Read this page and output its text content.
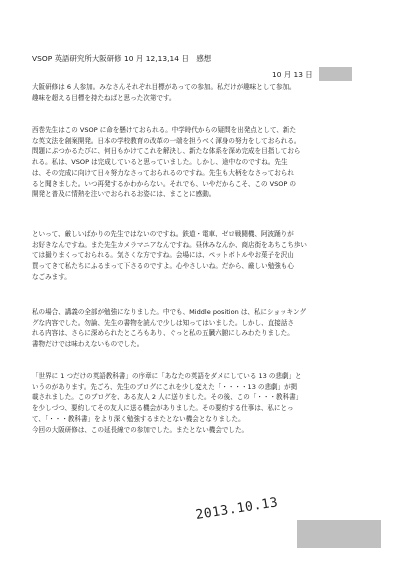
VSOP 英語研究所大阪研修 10 月 12,13,14 日　感想
10 月 13 日
大阪研修は 6 人参加。みなさんそれぞれ目標があっての参加。私だけが趣味として参加。
趣味を超える目標を持たねばと思った次第です。
西巻先生はこの VSOP に命を懸けておられる。中学時代からの疑問を出発点として、新た
な英文法を創案開発。日本の学校教育の改革の一端を担うべく渾身の努力をしておられる。
問題にぶつかるたびに、何日もかけてこれを解決し、新たな体系を深め完成を目指しておら
れる。私は、VSOP は完成していると思っていました。しかし、途中なのですね。先生
は、その完成に向けて日々努力なさっておられるのですね。先生も大柄をなさっておられ
ると聞きました。いつ再発するかわからない。それでも、いやだからこそ、この VSOP の
開発と普及に情熱を注いでおられるお姿には、まことに感動。
といって、厳しいばかりの先生ではないのですね。鉄道・電車、ゼロ戦闘機、阿波踊りが
お好きなんですね。また先生カメラマニアなんですね。昼休みなんか、商店街をあちこち歩い
ては撮りまくっておられる。気さくな方ですね。会場には、ペットボトルやお菓子を沢山
買ってきて私たちにふるまって下さるのですよ。心やさしいね。だから、厳しい勉強も心
なごみます。
私の場合、講義の全部が勉強になりました。中でも、Middle position は、私にショッキング
グな内容でした。勿論、先生の書物を読んで少しは知ってはいました。しかし、直接話さ
れる内容は、さらに深められたところもあり、ぐっと私の五臓六腑にしみわたりました。
書物だけでは味わえないものでした。
「世界に 1 つだけの英語教科書」の序章に「あなたの英語をダメにしている 13 の悲劇」と
いうのがあります。先ごろ、先生のブログにこれを少し変えた「・・・・13 の悲劇」が掲
載されました。このブログを、ある友人 2 人に送りました。その後、この「・・・教科書」
を少しづつ、要約してその友人に送る機会がありました。その要約する仕事は、私にとっ
て、「・・・教科書」をより深く勉強するまたとない機会となりました。
今回の大阪研修は、この延長線での参加でした。またとない機会でした。
2013.10.13
